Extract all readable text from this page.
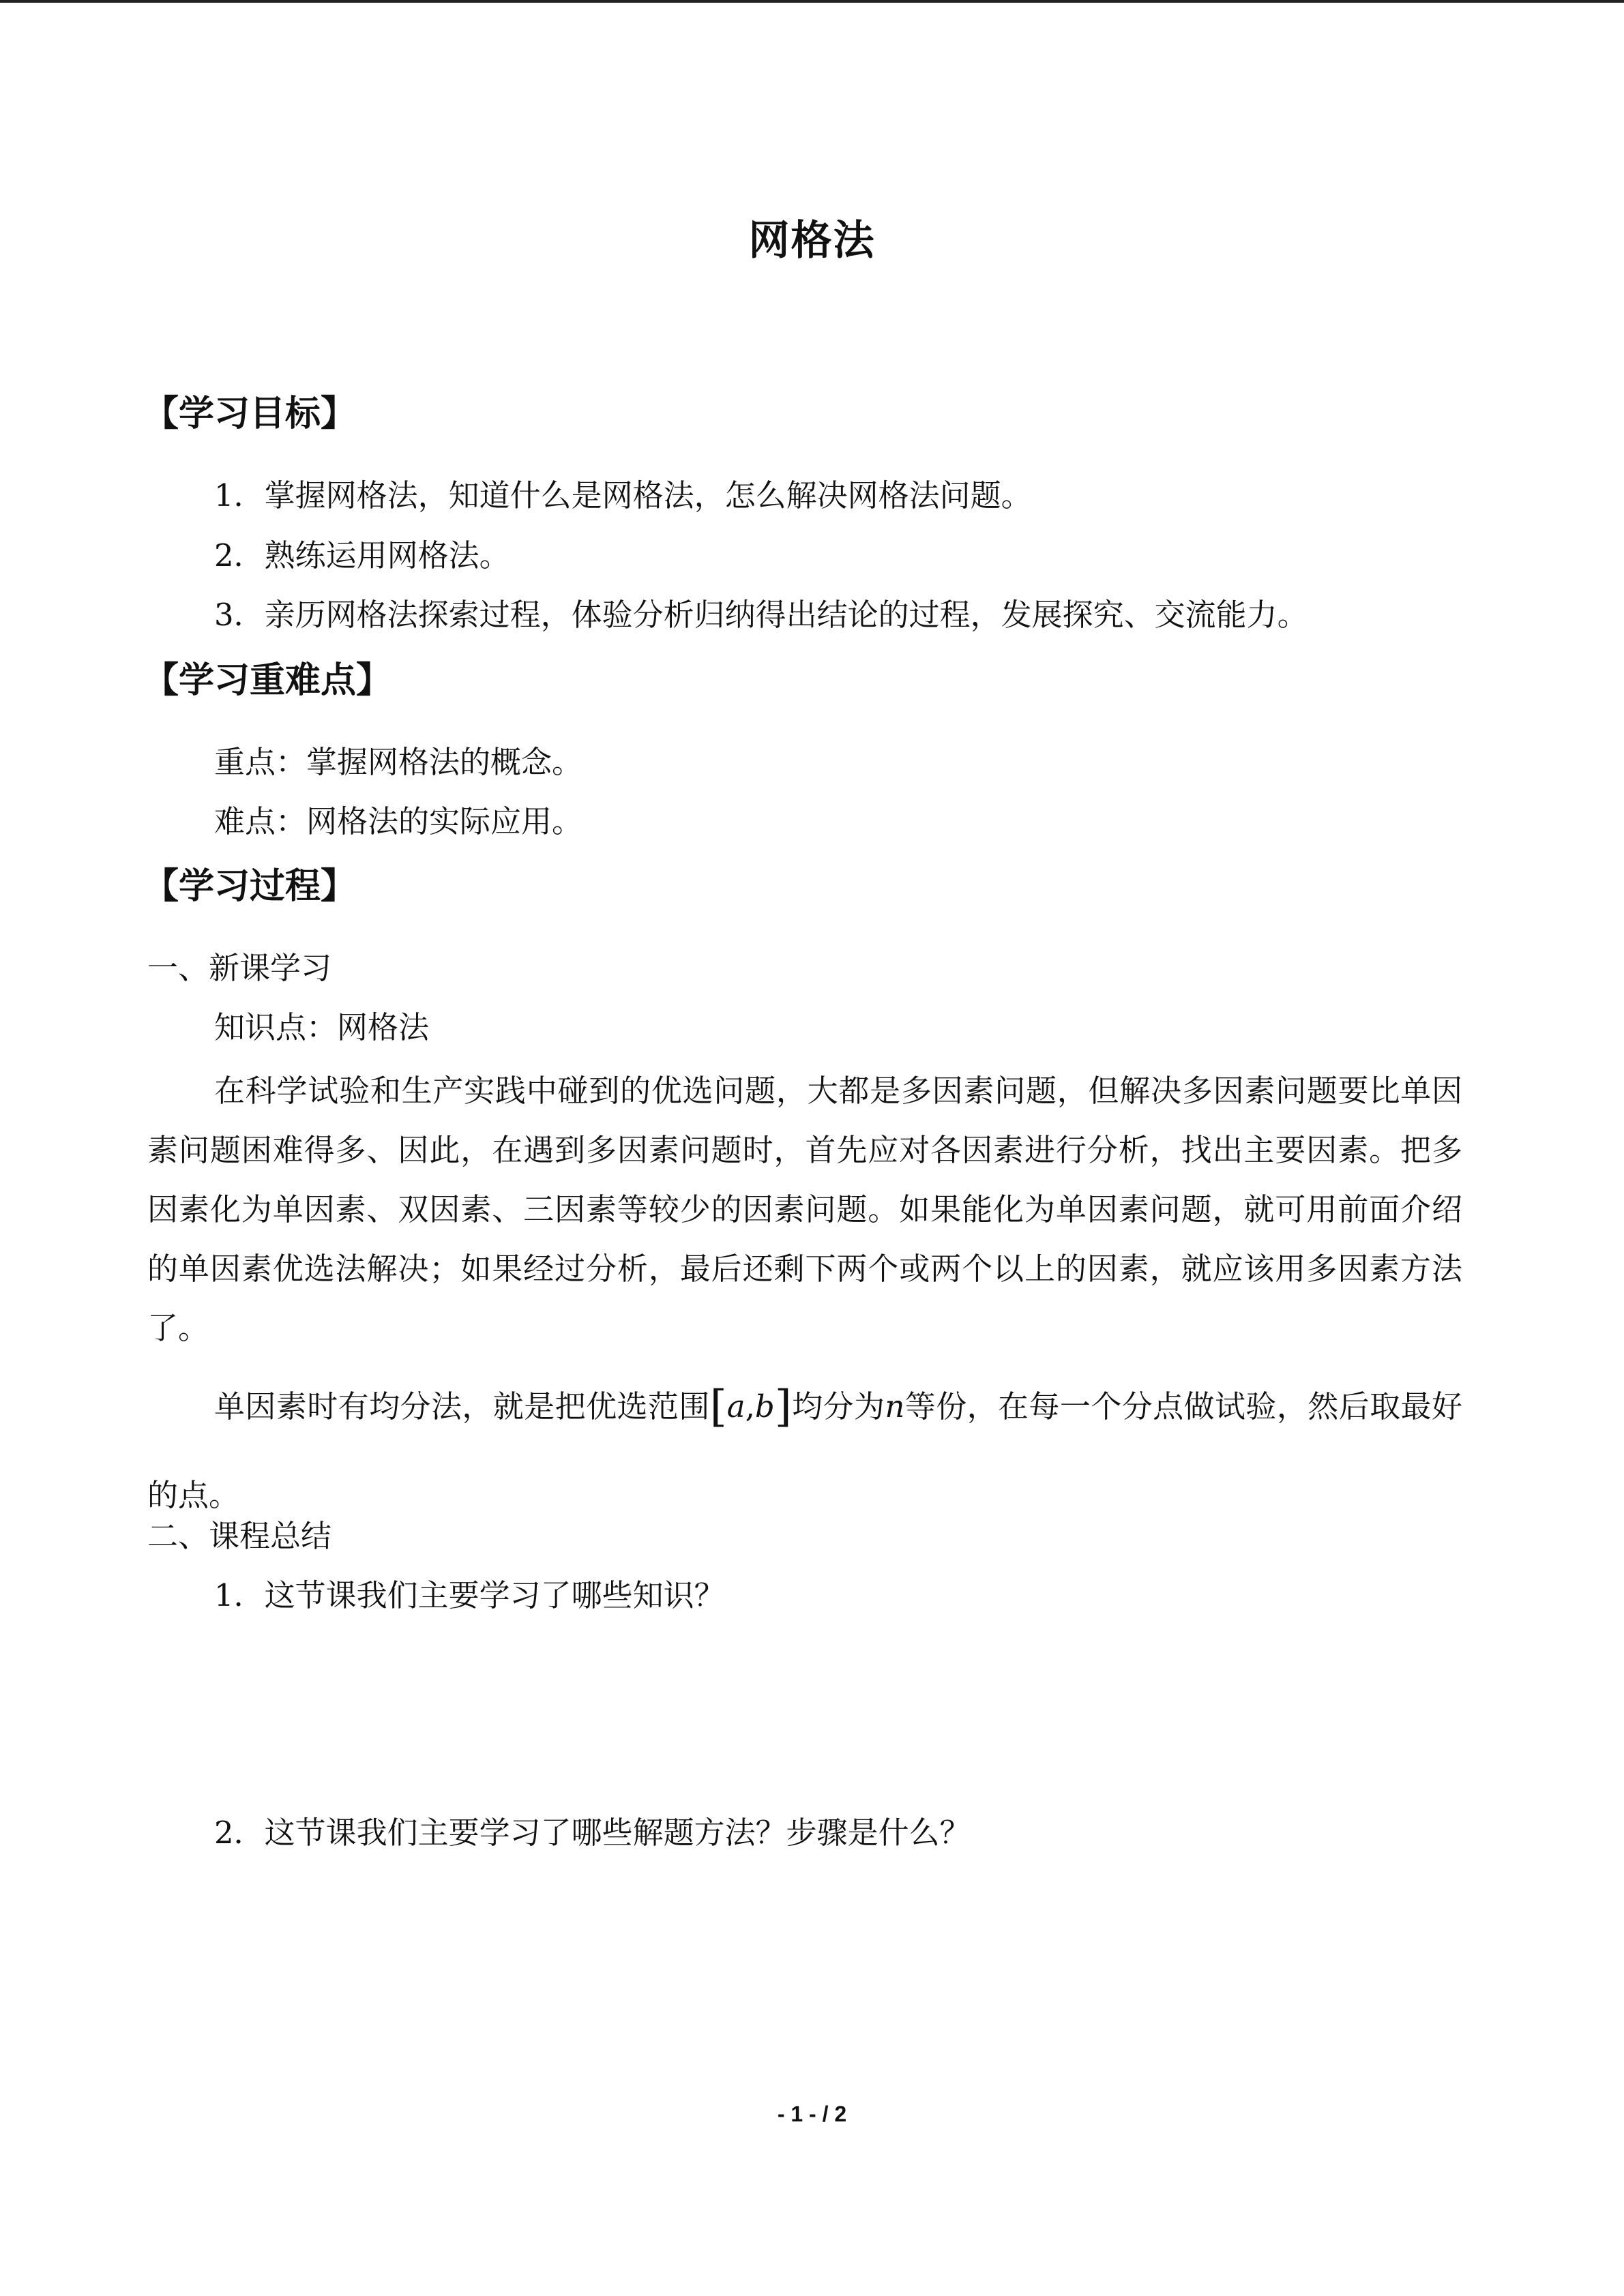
网格法
【学习目标】
1．掌握网格法，知道什么是网格法，怎么解决网格法问题。
2．熟练运用网格法。
3．亲历网格法探索过程，体验分析归纳得出结论的过程，发展探究、交流能力。
【学习重难点】
重点：掌握网格法的概念。
难点：网格法的实际应用。
【学习过程】
一、新课学习
知识点：网格法
在科学试验和生产实践中碰到的优选问题，大都是多因素问题，但解决多因素问题要比单因素问题困难得多、因此，在遇到多因素问题时，首先应对各因素进行分析，找出主要因素。把多因素化为单因素、双因素、三因素等较少的因素问题。如果能化为单因素问题，就可用前面介绍的单因素优选法解决；如果经过分析，最后还剩下两个或两个以上的因素，就应该用多因素方法了。
单因素时有均分法，就是把优选范围[a,b]均分为n等份，在每一个分点做试验，然后取最好的点。
二、课程总结
1．这节课我们主要学习了哪些知识？
2．这节课我们主要学习了哪些解题方法？步骤是什么？
- 1 - / 2
